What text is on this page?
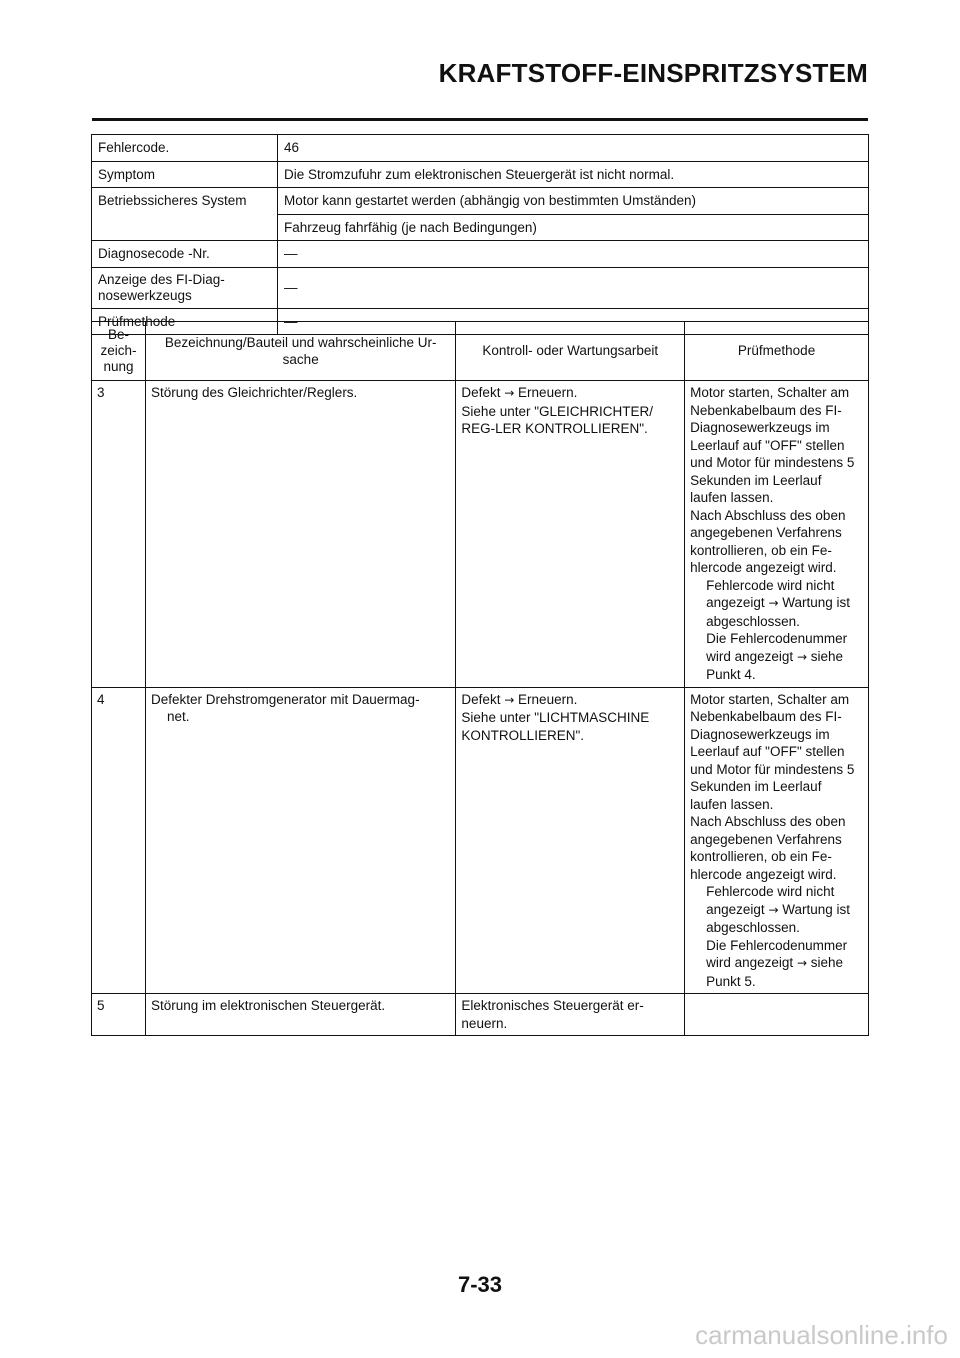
KRAFTSTOFF-EINSPRITZSYSTEM
Fehlercode.	46
Symptom	Die Stromzufuhr zum elektronischen Steuergerät ist nicht normal.
Betriebssicheres System	Motor kann gestartet werden (abhängig von bestimmten Umständen)
Fahrzeug fahrfähig (je nach Bedingungen)
Diagnosecode -Nr.	—

Anzeige des FI-Diag-
nosewerkzeugs
	—
Prüfmethode	—
Be-
zeich-
nung

Bezeichnung/Bauteil und wahrscheinliche Ur-
sache
	Kontroll- oder Wartungsarbeit	Prüfmethode
3	Störung des Gleichrichter/Reglers.	Defekt → Erneuern.
Siehe unter "GLEICHRICHTER/
REG-LER KONTROLLIEREN".

Motor starten, Schalter am
Nebenkabelbaum des FI-
Diagnosewerkzeugs im
Leerlauf auf "OFF" stellen
und Motor für mindestens 5
Sekunden im Leerlauf
laufen lassen.
Nach Abschluss des oben
angegebenen Verfahrens
kontrollieren, ob ein Fe-
hlercode angezeigt wird.
Fehlercode wird nicht
angezeigt → Wartung ist
abgeschlossen.
Die Fehlercodenummer
wird angezeigt → siehe
Punkt 4.

4	Defekter Drehstromgenerator mit Dauermag-
net.

Defekt → Erneuern.
Siehe unter "LICHTMASCHINE
KONTROLLIEREN".

Motor starten, Schalter am
Nebenkabelbaum des FI-
Diagnosewerkzeugs im
Leerlauf auf "OFF" stellen
und Motor für mindestens 5
Sekunden im Leerlauf
laufen lassen.
Nach Abschluss des oben
angegebenen Verfahrens
kontrollieren, ob ein Fe-
hlercode angezeigt wird.
Fehlercode wird nicht
angezeigt → Wartung ist
abgeschlossen.
Die Fehlercodenummer
wird angezeigt → siehe
Punkt 5.

5	Störung im elektronischen Steuergerät.	Elektronisches Steuergerät er-
neuern.

7-33
carmanualsonline.info
